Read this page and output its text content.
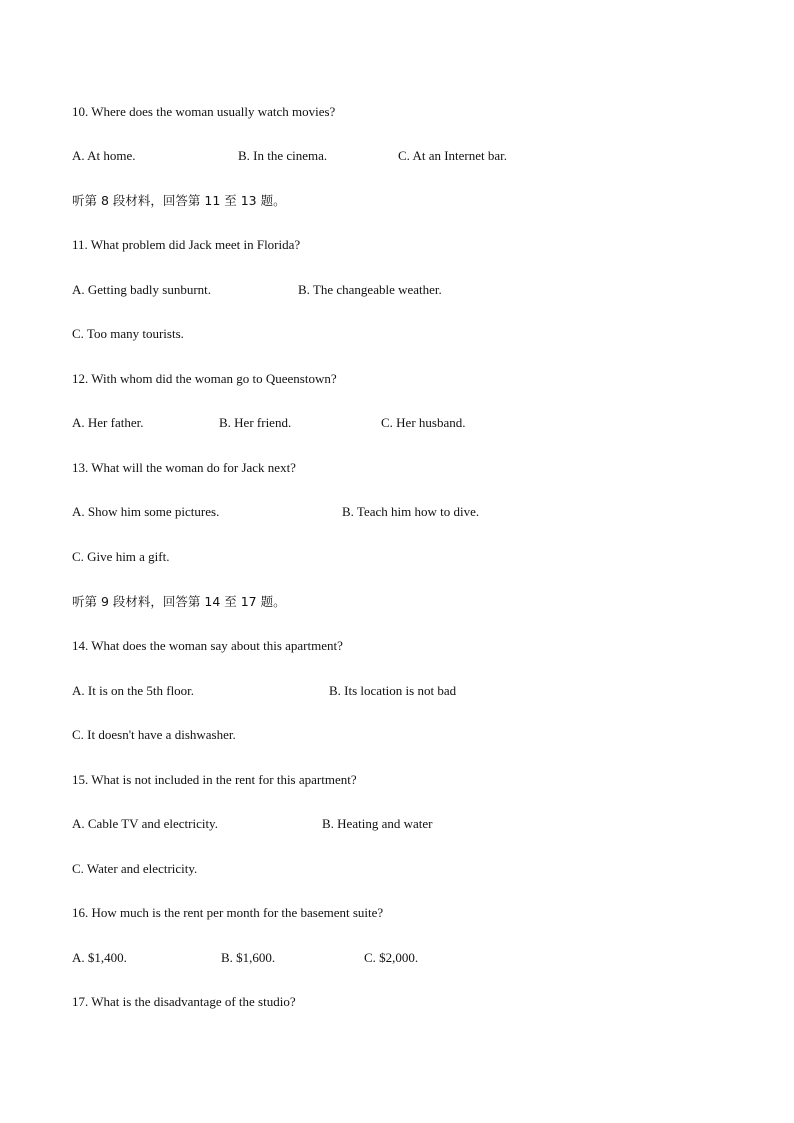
10. Where does the woman usually watch movies?
A. At home.	B. In the cinema.	C. At an Internet bar.
听第 8 段材料，回答第 11 至 13 题。
11. What problem did Jack meet in Florida?
A. Getting badly sunburnt.	B. The changeable weather.
C. Too many tourists.
12. With whom did the woman go to Queenstown?
A. Her father.	B. Her friend.	C. Her husband.
13. What will the woman do for Jack next?
A. Show him some pictures.	B. Teach him how to dive.
C. Give him a gift.
听第 9 段材料，回答第 14 至 17 题。
14. What does the woman say about this apartment?
A. It is on the 5th floor.	B. Its location is not bad
C. It doesn't have a dishwasher.
15. What is not included in the rent for this apartment?
A. Cable TV and electricity.	B. Heating and water
C. Water and electricity.
16. How much is the rent per month for the basement suite?
A. $1,400.	B. $1,600.	C. $2,000.
17. What is the disadvantage of the studio?
